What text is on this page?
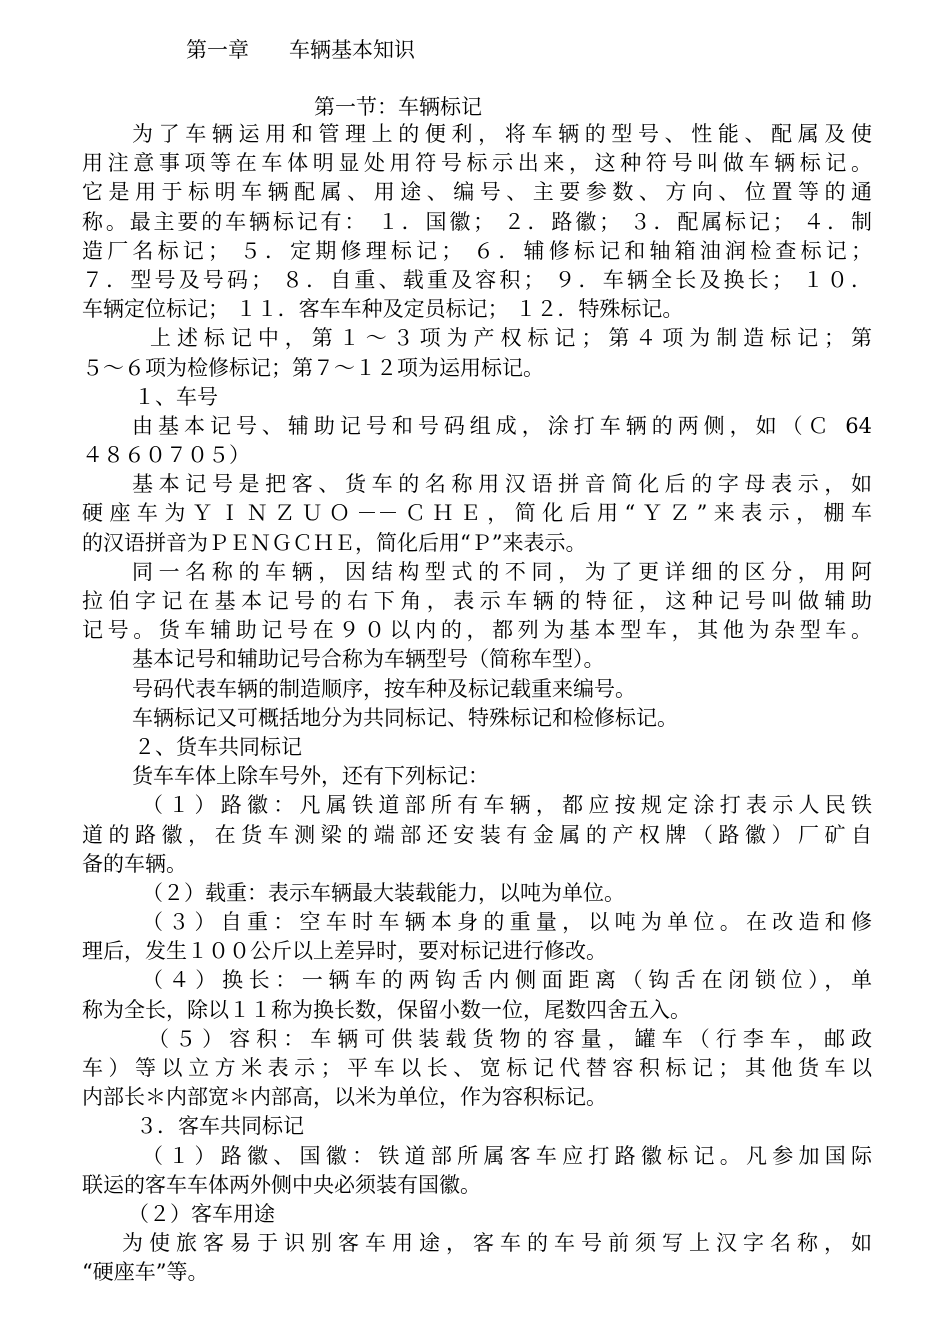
第一章      车辆基本知识
第一节：车辆标记
为了车辆运用和管理上的便利，将车辆的型号、性能、配属及使
用注意事项等在车体明显处用符号标示出来，这种符号叫做车辆标记。
它是用于标明车辆配属、用途、编号、主要参数、方向、位置等的通
称。最主要的车辆标记有： １．国徽； ２．路徽； ３．配属标记； ４．制
造厂名标记； ５．定期修理标记； ６．辅修标记和轴箱油润检查标记；
７．型号及号码； ８．自重、载重及容积； ９．车辆全长及换长； １０．
车辆定位标记； １１．客车车种及定员标记； １２．特殊标记。
上述标记中，第１～３项为产权标记；第４项为制造标记；第
５～６项为检修标记；第７～１２项为运用标记。
１、车号
由基本记号、辅助记号和号码组成，涂打车辆的两侧，如（Ｃ 64
４８６０７０５）
基本记号是把客、货车的名称用汉语拼音简化后的字母表示，如
硬座车为ＹＩＮＺＵＯ－－ＣＨＥ，简化后用“ＹＺ”来表示，棚车
的汉语拼音为ＰＥＮＧＣＨＥ，简化后用“Ｐ”来表示。
同一名称的车辆，因结构型式的不同，为了更详细的区分，用阿
拉伯字记在基本记号的右下角，表示车辆的特征，这种记号叫做辅助
记号。货车辅助记号在９０以内的，都列为基本型车，其他为杂型车。
基本记号和辅助记号合称为车辆型号（简称车型）。
号码代表车辆的制造顺序，按车种及标记载重来编号。
车辆标记又可概括地分为共同标记、特殊标记和检修标记。
２、货车共同标记
货车车体上除车号外，还有下列标记：
（１）路徽：凡属铁道部所有车辆，都应按规定涂打表示人民铁
道的路徽，在货车测梁的端部还安装有金属的产权牌（路徽）厂矿自
备的车辆。
（２）载重：表示车辆最大装载能力，以吨为单位。
（３）自重：空车时车辆本身的重量，以吨为单位。在改造和修
理后，发生１００公斤以上差异时，要对标记进行修改。
（４）换长：一辆车的两钩舌内侧面距离（钩舌在闭锁位），单
称为全长，除以１１称为换长数，保留小数一位，尾数四舍五入。
（５）容积：车辆可供装载货物的容量，罐车（行李车，邮政
车）等以立方米表示；平车以长、宽标记代替容积标记；其他货车以
内部长＊内部宽＊内部高，以米为单位，作为容积标记。
３．客车共同标记
（１）路徽、国徽：铁道部所属客车应打路徽标记。凡参加国际
联运的客车车体两外侧中央必须装有国徽。
（２）客车用途
为使旅客易于识别客车用途，客车的车号前须写上汉字名称，如
“硬座车”等。
